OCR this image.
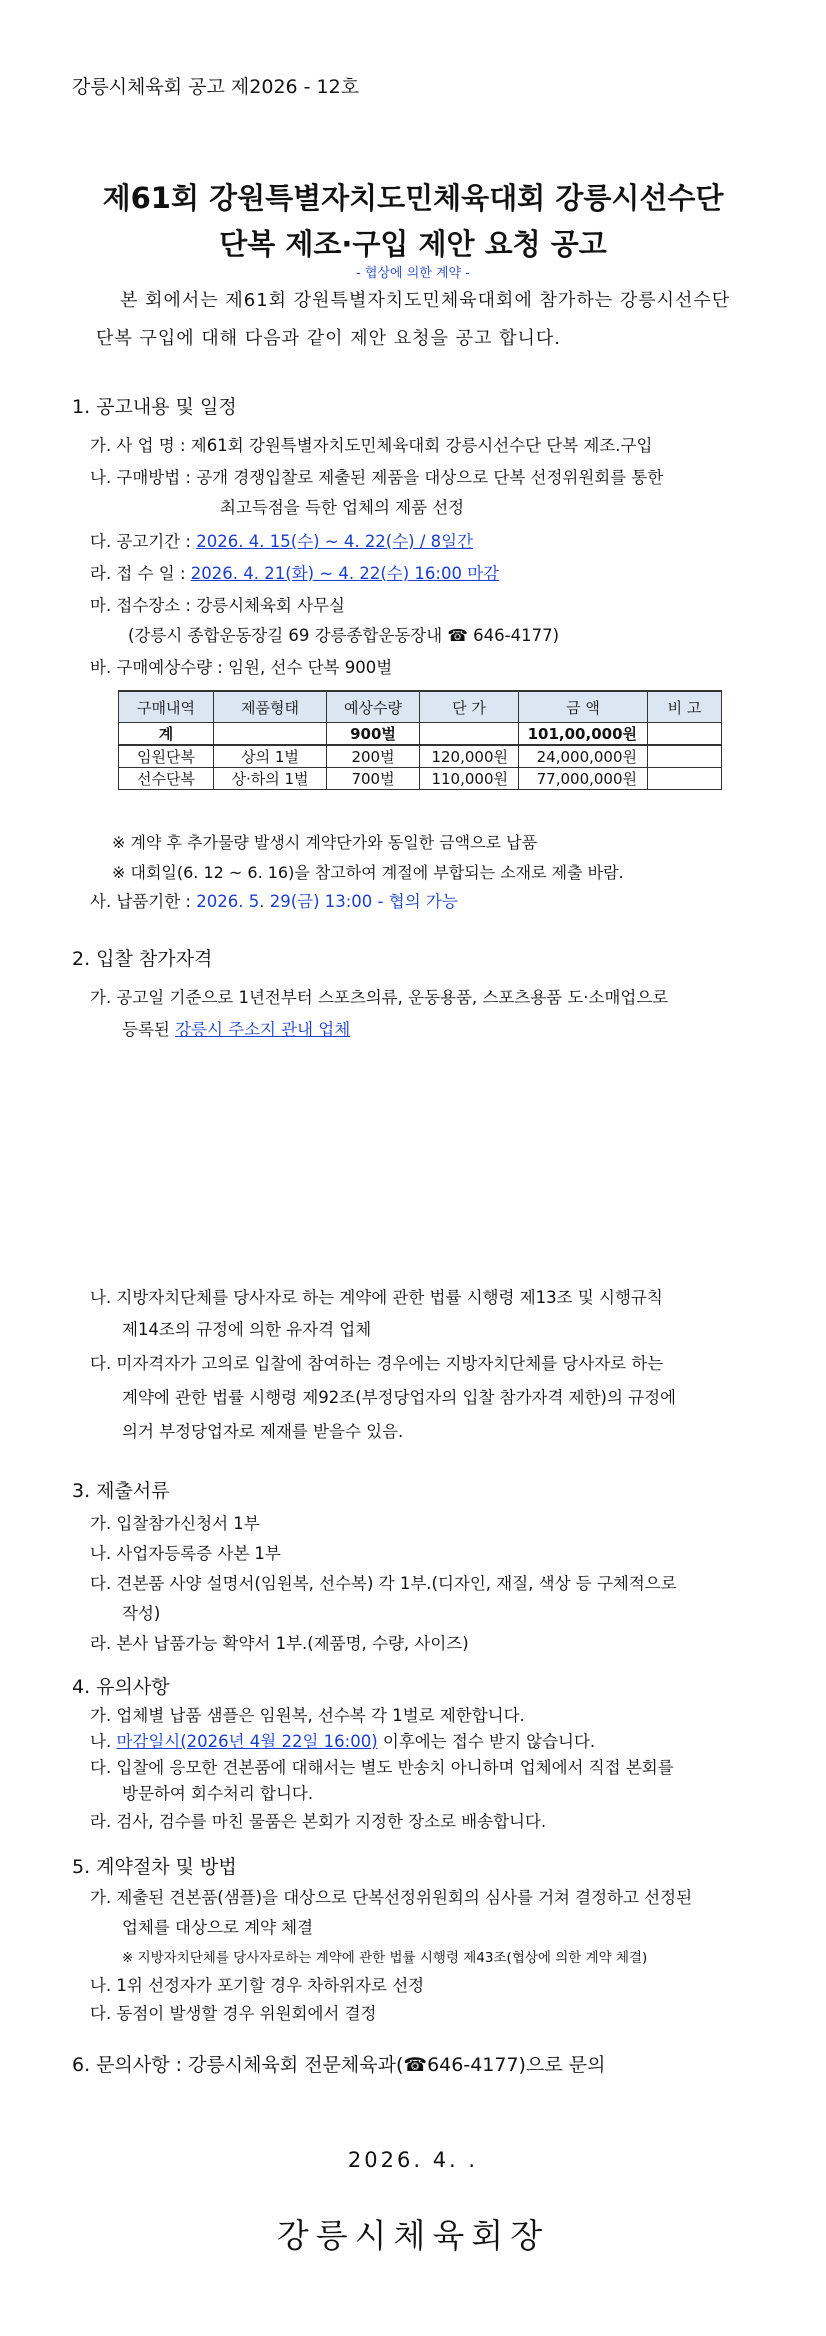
강릉시체육회 공고 제2026 - 12호
제61회 강원특별자치도민체육대회 강릉시선수단
단복 제조·구입 제안 요청 공고
- 협상에 의한 계약 -
본 회에서는 제61회 강원특별자치도민체육대회에 참가하는 강릉시선수단
단복 구입에 대해 다음과 같이 제안 요청을 공고 합니다.
1. 공고내용 및 일정
가. 사 업 명 : 제61회 강원특별자치도민체육대회 강릉시선수단 단복 제조.구입
나. 구매방법 : 공개 경쟁입찰로 제출된 제품을 대상으로 단복 선정위원회를 통한
최고득점을 득한 업체의 제품 선정
다. 공고기간 : 2026. 4. 15(수) ~ 4. 22(수) / 8일간
라. 접 수 일 : 2026. 4. 21(화) ~ 4. 22(수) 16:00 마감
마. 접수장소 : 강릉시체육회 사무실
(강릉시 종합운동장길 69 강릉종합운동장내 ☎ 646-4177)
바. 구매예상수량 : 임원, 선수 단복 900벌
구매내역	제품형태	예상수량	단 가	금 액	비 고
계		900벌		101,00,000원	
임원단복	상의 1벌	200벌	120,000원	24,000,000원	
선수단복	상·하의 1벌	700벌	110,000원	77,000,000원	
※ 계약 후 추가물량 발생시 계약단가와 동일한 금액으로 납품
※ 대회일(6. 12 ~ 6. 16)을 참고하여 계절에 부합되는 소재로 제출 바람.
사. 납품기한 : 2026. 5. 29(금) 13:00 - 협의 가능
2. 입찰 참가자격
가. 공고일 기준으로 1년전부터 스포츠의류, 운동용품, 스포츠용품 도·소매업으로
등록된 강릉시 주소지 관내 업체
나. 지방자치단체를 당사자로 하는 계약에 관한 법률 시행령 제13조 및 시행규칙
제14조의 규정에 의한 유자격 업체
다. 미자격자가 고의로 입찰에 참여하는 경우에는 지방자치단체를 당사자로 하는
계약에 관한 법률 시행령 제92조(부정당업자의 입찰 참가자격 제한)의 규정에
의거 부정당업자로 제재를 받을수 있음.
3. 제출서류
가. 입찰참가신청서 1부
나. 사업자등록증 사본 1부
다. 견본품 사양 설명서(임원복, 선수복) 각 1부.(디자인, 재질, 색상 등 구체적으로
작성)
라. 본사 납품가능 확약서 1부.(제품명, 수량, 사이즈)
4. 유의사항
가. 업체별 납품 샘플은 임원복, 선수복 각 1벌로 제한합니다.
나. 마감일시(2026년 4월 22일 16:00) 이후에는 접수 받지 않습니다.
다. 입찰에 응모한 견본품에 대해서는 별도 반송치 아니하며 업체에서 직접 본회를
방문하여 회수처리 합니다.
라. 검사, 검수를 마친 물품은 본회가 지정한 장소로 배송합니다.
5. 계약절차 및 방법
가. 제출된 견본품(샘플)을 대상으로 단복선정위원회의 심사를 거쳐 결정하고 선정된
업체를 대상으로 계약 체결
※ 지방자치단체를 당사자로하는 계약에 관한 법률 시행령 제43조(협상에 의한 계약 체결)
나. 1위 선정자가 포기할 경우 차하위자로 선정
다. 동점이 발생할 경우 위원회에서 결정
6. 문의사항 : 강릉시체육회 전문체육과(☎646-4177)으로 문의
2026. 4. .
강릉시체육회장
